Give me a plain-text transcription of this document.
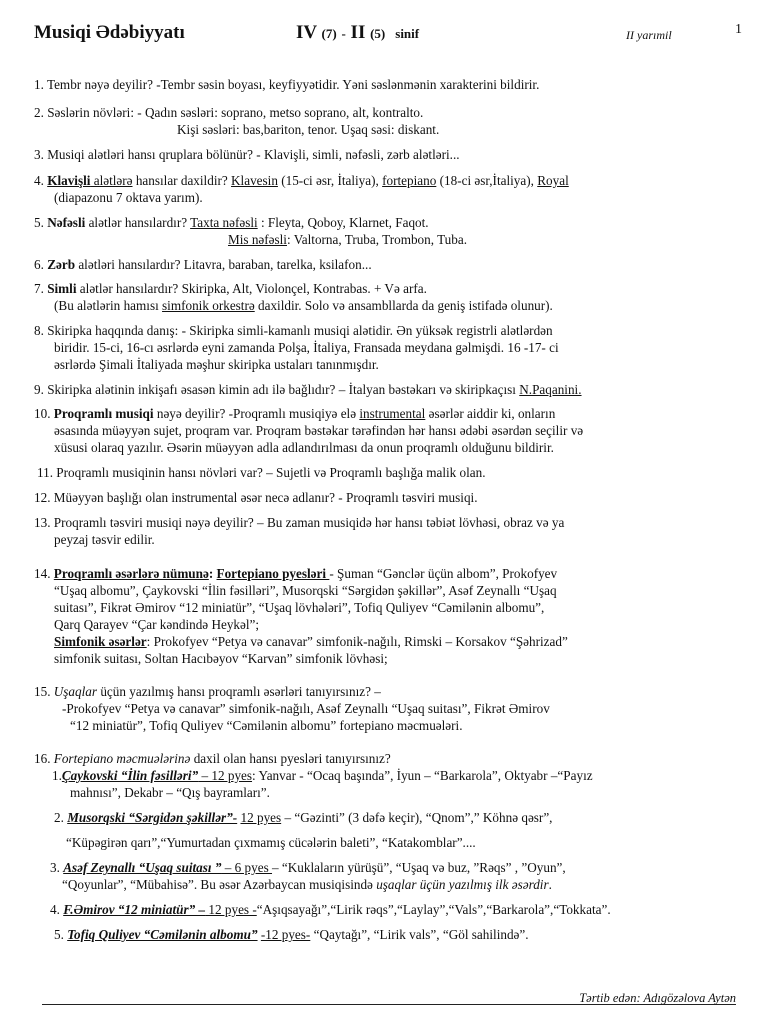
Musiqi Ədəbiyyatı	IV (7) - II (5) sinif	II yarımil	1

1. Tembr nəyə deyilir? -Tembr səsin boyası, keyfiyyətidir. Yəni səslənmənin xarakterini bildirir.

2. Səslərin növləri: - Qadın səsləri: soprano, metso soprano, alt, kontralto.

Kişi səsləri: bas,bariton, tenor. Uşaq səsi: diskant.

3. Musiqi alətləri hansı qruplara bölünür? - Klavişli, simli, nəfəsli, zərb alətləri...

4. Klavişli alətlərə hansılar daxildir? Klavesin (15-ci əsr, İtaliya), fortepiano (18-ci əsr,İtaliya), Royal

(diapazonu 7 oktava yarım).

5. Nəfəsli alətlər hansılardır? Taxta nəfəsli : Fleyta, Qoboy, Klarnet, Faqot.

Mis nəfəsli: Valtorna, Truba, Trombon, Tuba.

6. Zərb alətləri hansılardır? Litavra, baraban, tarelka, ksilafon...

7. Simli alətlər hansılardır? Skiripka, Alt, Violonçel, Kontrabas. + Və arfa.

(Bu alətlərin hamısı simfonik orkestrə daxildir. Solo və ansambllarda da geniş istifadə olunur).

8. Skiripka haqqında danış: - Skiripka simli-kamanlı musiqi alətidir. Ən yüksək registrli alətlərdən

biridir. 15-ci, 16-cı əsrlərdə eyni zamanda Polşa, İtaliya, Fransada meydana gəlmişdi. 16 -17- ci

əsrlərdə Şimali İtaliyada məşhur skiripka ustaları tanınmışdır.

9. Skiripka alətinin inkişafı əsasən kimin adı ilə bağlıdır? – İtalyan bəstəkarı və skiripkaçısı N.Paqanini.

10. Proqramlı musiqi nəyə deyilir? -Proqramlı musiqiyə elə instrumental əsərlər aiddir ki, onların

əsasında müəyyən sujet, proqram var. Proqram bəstəkar tərəfindən hər hansı ədəbi əsərdən seçilir və

xüsusi olaraq yazılır. Əsərin müəyyən adla adlandırılması da onun proqramlı olduğunu bildirir.

11. Proqramlı musiqinin hansı növləri var? – Sujetli və Proqramlı başlığa malik olan.

12. Müəyyən başlığı olan instrumental əsər necə adlanır? - Proqramlı təsviri musiqi.

13. Proqramlı təsviri musiqi nəyə deyilir? – Bu zaman musiqidə hər hansı təbiət lövhəsi, obraz və ya

peyzaj təsvir edilir.

14. Proqramlı əsərlərə nümunə: Fortepiano pyesləri - Şuman “Gənclər üçün albom”, Prokofyev

“Uşaq albomu”, Çaykovski “İlin fəsilləri”, Musorqski “Sərgidən şəkillər”, Asəf Zeynallı “Uşaq

suitası”, Fikrət Əmirov “12 miniatür”, “Uşaq lövhələri”, Tofiq Quliyev “Cəmilənin albomu”,

Qarq Qarayev “Çar kəndində Heykəl”;

Simfonik əsərlər: Prokofyev “Petya və canavar” simfonik-nağılı, Rimski – Korsakov “Şəhrizad”

simfonik suitası, Soltan Hacıbəyov “Karvan” simfonik lövhəsi;

15. Uşaqlar üçün yazılmış hansı proqramlı əsərləri tanıyırsınız? –

-Prokofyev “Petya və canavar” simfonik-nağılı, Asəf Zeynallı “Uşaq suitası”, Fikrət Əmirov

“12 miniatür”, Tofiq Quliyev “Cəmilənin albomu” fortepiano məcmuələri.

16. Fortepiano məcmuələrinə daxil olan hansı pyesləri tanıyırsınız?

1.Çaykovski “İlin fəsilləri” – 12 pyes: Yanvar - “Ocaq başında”, İyun – “Barkarola”, Oktyabr –“Payız

mahnısı”, Dekabr – “Qış bayramları”.

2. Musorqski “Sərgidən şəkillər”- 12 pyes – “Gəzinti” (3 dəfə keçir), “Qnom”,” Köhnə qəsr”,

“Küpəgirən qarı”,“Yumurtadan çıxmamış cücələrin baleti”, “Katakomblar”....

3. Asəf Zeynallı “Uşaq suitası ” – 6 pyes – “Kuklaların yürüşü”, “Uşaq və buz, ”Rəqs” , ”Oyun”,

“Qoyunlar”, “Mübahisə”. Bu əsər Azərbaycan musiqisində uşaqlar üçün yazılmış ilk əsərdir.

4. F.Əmirov “12 miniatür” – 12 pyes -“Aşıqsayağı”,“Lirik rəqs”,“Laylay”,“Vals”,“Barkarola”,“Tokkata”.

5. Tofiq Quliyev “Cəmilənin albomu” -12 pyes- “Qaytağı”, “Lirik vals”, “Göl sahilində”.

Tərtib edən: Adıgözəlova Aytən
